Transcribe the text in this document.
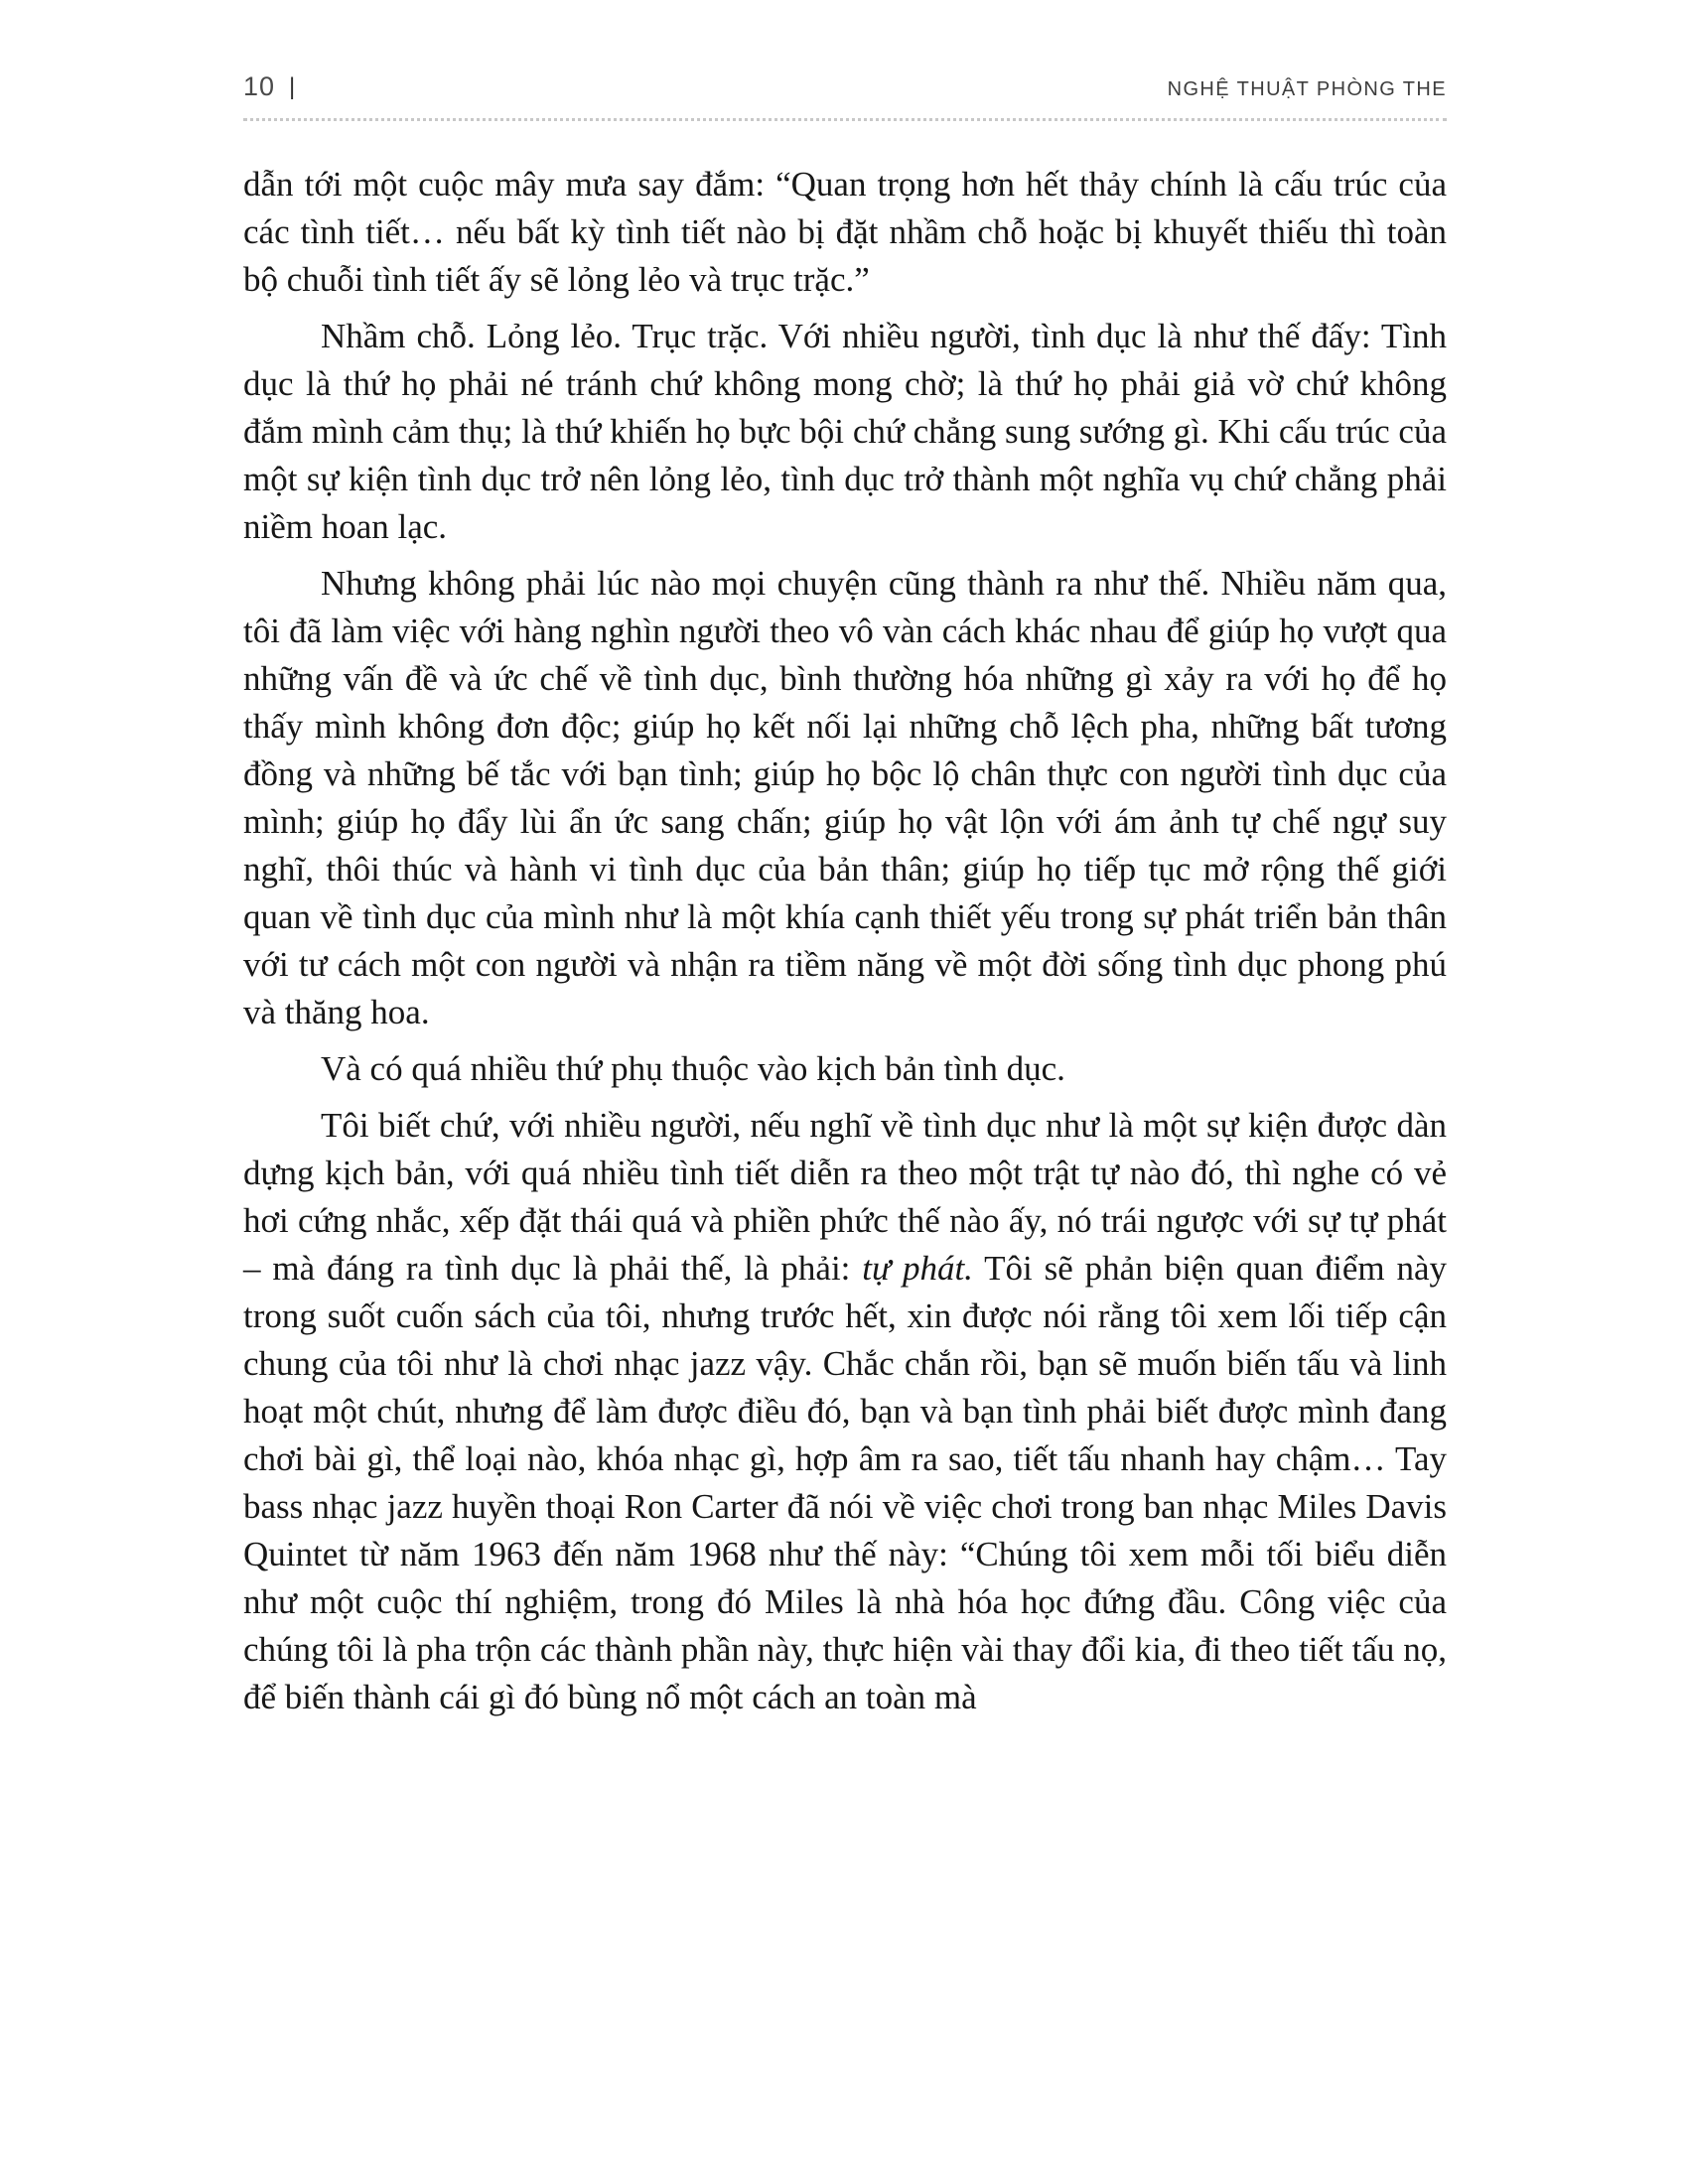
10 |	NGHỆ THUẬT PHÒNG THE

dẫn tới một cuộc mây mưa say đắm: “Quan trọng hơn hết thảy chính là cấu trúc của các tình tiết… nếu bất kỳ tình tiết nào bị đặt nhầm chỗ hoặc bị khuyết thiếu thì toàn bộ chuỗi tình tiết ấy sẽ lỏng lẻo và trục trặc.”

Nhầm chỗ. Lỏng lẻo. Trục trặc. Với nhiều người, tình dục là như thế đấy: Tình dục là thứ họ phải né tránh chứ không mong chờ; là thứ họ phải giả vờ chứ không đắm mình cảm thụ; là thứ khiến họ bực bội chứ chẳng sung sướng gì. Khi cấu trúc của một sự kiện tình dục trở nên lỏng lẻo, tình dục trở thành một nghĩa vụ chứ chẳng phải niềm hoan lạc.

Nhưng không phải lúc nào mọi chuyện cũng thành ra như thế. Nhiều năm qua, tôi đã làm việc với hàng nghìn người theo vô vàn cách khác nhau để giúp họ vượt qua những vấn đề và ức chế về tình dục, bình thường hóa những gì xảy ra với họ để họ thấy mình không đơn độc; giúp họ kết nối lại những chỗ lệch pha, những bất tương đồng và những bế tắc với bạn tình; giúp họ bộc lộ chân thực con người tình dục của mình; giúp họ đẩy lùi ẩn ức sang chấn; giúp họ vật lộn với ám ảnh tự chế ngự suy nghĩ, thôi thúc và hành vi tình dục của bản thân; giúp họ tiếp tục mở rộng thế giới quan về tình dục của mình như là một khía cạnh thiết yếu trong sự phát triển bản thân với tư cách một con người và nhận ra tiềm năng về một đời sống tình dục phong phú và thăng hoa.

Và có quá nhiều thứ phụ thuộc vào kịch bản tình dục.

Tôi biết chứ, với nhiều người, nếu nghĩ về tình dục như là một sự kiện được dàn dựng kịch bản, với quá nhiều tình tiết diễn ra theo một trật tự nào đó, thì nghe có vẻ hơi cứng nhắc, xếp đặt thái quá và phiền phức thế nào ấy, nó trái ngược với sự tự phát – mà đáng ra tình dục là phải thế, là phải: tự phát. Tôi sẽ phản biện quan điểm này trong suốt cuốn sách của tôi, nhưng trước hết, xin được nói rằng tôi xem lối tiếp cận chung của tôi như là chơi nhạc jazz vậy. Chắc chắn rồi, bạn sẽ muốn biến tấu và linh hoạt một chút, nhưng để làm được điều đó, bạn và bạn tình phải biết được mình đang chơi bài gì, thể loại nào, khóa nhạc gì, hợp âm ra sao, tiết tấu nhanh hay chậm… Tay bass nhạc jazz huyền thoại Ron Carter đã nói về việc chơi trong ban nhạc Miles Davis Quintet từ năm 1963 đến năm 1968 như thế này: “Chúng tôi xem mỗi tối biểu diễn như một cuộc thí nghiệm, trong đó Miles là nhà hóa học đứng đầu. Công việc của chúng tôi là pha trộn các thành phần này, thực hiện vài thay đổi kia, đi theo tiết tấu nọ, để biến thành cái gì đó bùng nổ một cách an toàn mà
